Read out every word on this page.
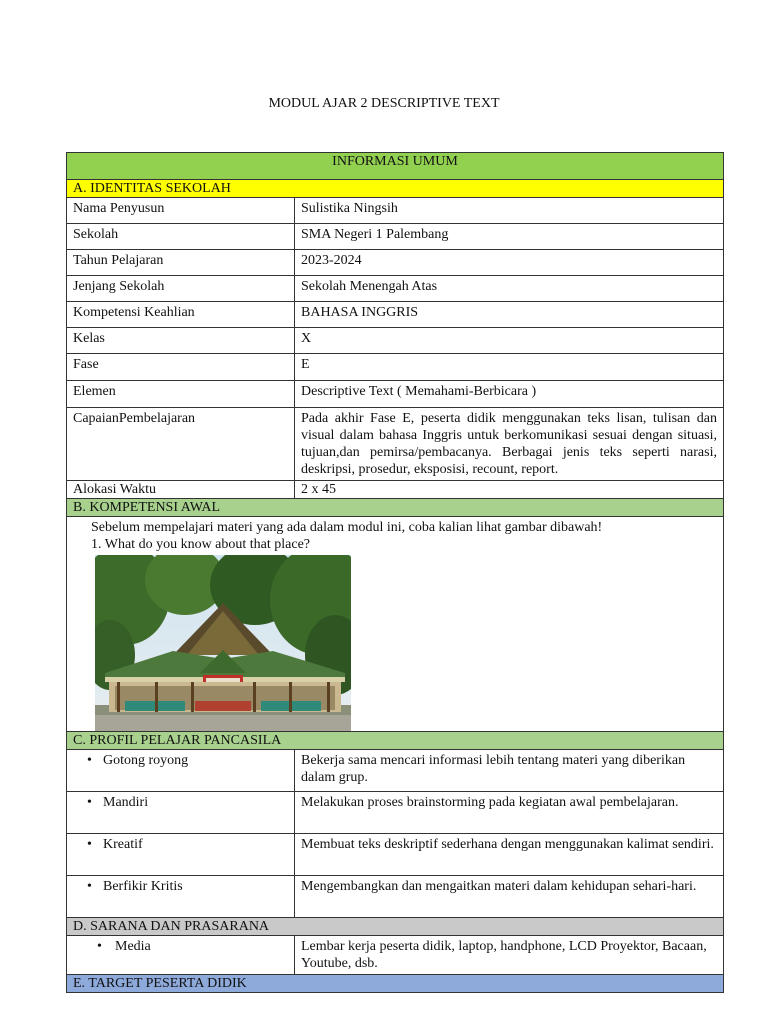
MODUL AJAR 2 DESCRIPTIVE TEXT
INFORMASI UMUM	
A. IDENTITAS SEKOLAH	
Nama Penyusun	Sulistika Ningsih
Sekolah	SMA Negeri 1 Palembang
Tahun Pelajaran	2023-2024
Jenjang Sekolah	Sekolah Menengah Atas
Kompetensi Keahlian	BAHASA INGGRIS
Kelas	X
Fase	E
Elemen	Descriptive Text ( Memahami-Berbicara )
CapaianPembelajaran	Pada akhir Fase E, peserta didik menggunakan teks lisan, tulisan dan visual dalam bahasa Inggris untuk berkomunikasi sesuai dengan situasi, tujuan,dan pemirsa/pembacanya. Berbagai jenis teks seperti narasi, deskripsi, prosedur, eksposisi, recount, report.
Alokasi Waktu	2 x 45
B. KOMPETENSI AWAL	

Sebelum mempelajari materi yang ada dalam modul ini, coba kalian lihat gambar dibawah!

1. What do you know about that place?	

C. PROFIL PELAJAR PANCASILA	
• Gotong royong	Bekerja sama mencari informasi lebih tentang materi yang diberikan dalam grup.
• Mandiri	Melakukan proses brainstorming pada kegiatan awal pembelajaran.
• Kreatif	Membuat teks deskriptif sederhana dengan menggunakan kalimat sendiri.
• Berfikir Kritis	Mengembangkan dan mengaitkan materi dalam kehidupan sehari-hari.
D. SARANA DAN PRASARANA	
• Media	Lembar kerja peserta didik, laptop, handphone, LCD Proyektor, Bacaan, Youtube, dsb.
E. TARGET PESERTA DIDIK	
